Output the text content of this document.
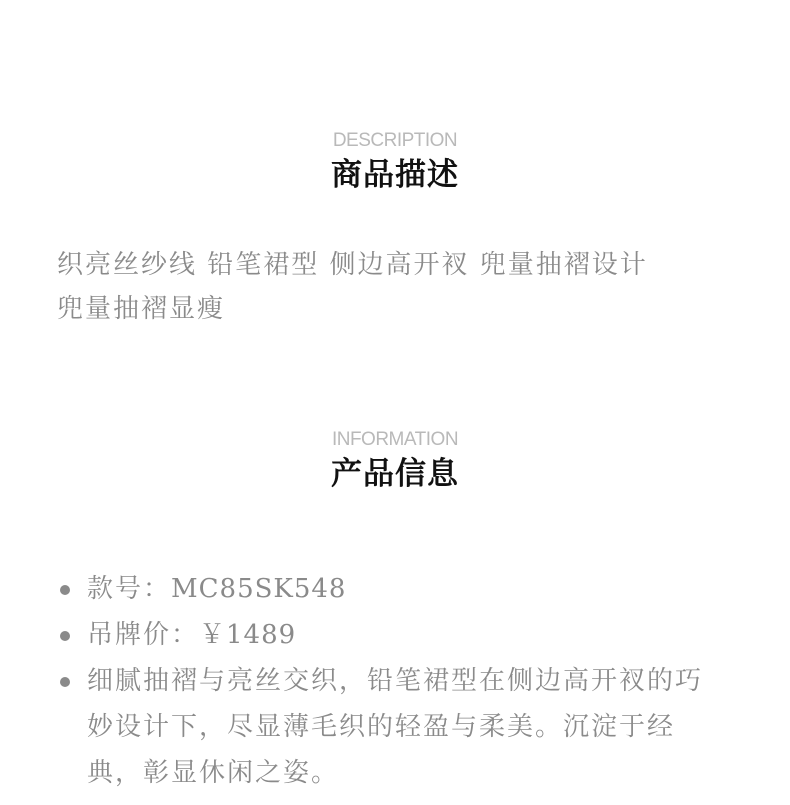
DESCRIPTION
商品描述
织亮丝纱线 铅笔裙型 侧边高开衩 兜量抽褶设计
兜量抽褶显瘦
INFORMATION
产品信息
款号：MC85SK548
吊牌价：￥1489
细腻抽褶与亮丝交织，铅笔裙型在侧边高开衩的巧
妙设计下，尽显薄毛织的轻盈与柔美。沉淀于经
典，彰显休闲之姿。
